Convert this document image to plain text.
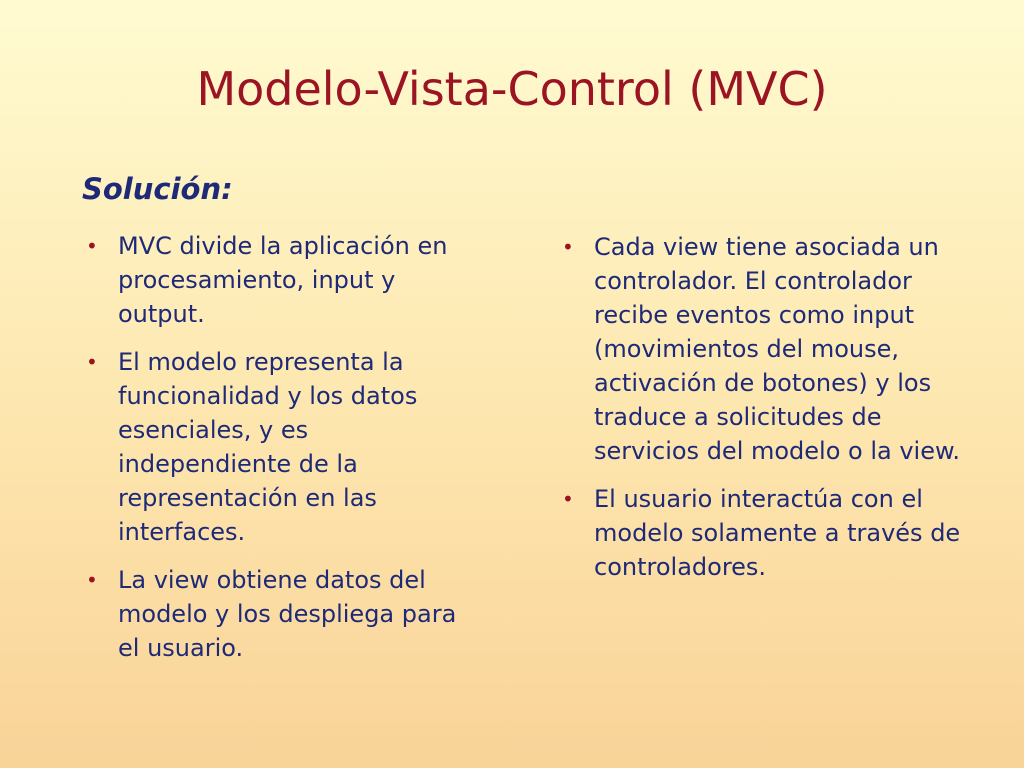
Modelo-Vista-Control (MVC)
Solución:
• MVC divide la aplicación en procesamiento, input y output.
• El modelo representa la funcionalidad y los datos esenciales, y es independiente de la representación en las interfaces.
• La view obtiene datos del modelo y los despliega para el usuario.
• Cada view tiene asociada un controlador. El controlador recibe eventos como input (movimientos del mouse, activación de botones) y los traduce a solicitudes de servicios del modelo o la view.
• El usuario interactúa con el modelo solamente a través de controladores.
